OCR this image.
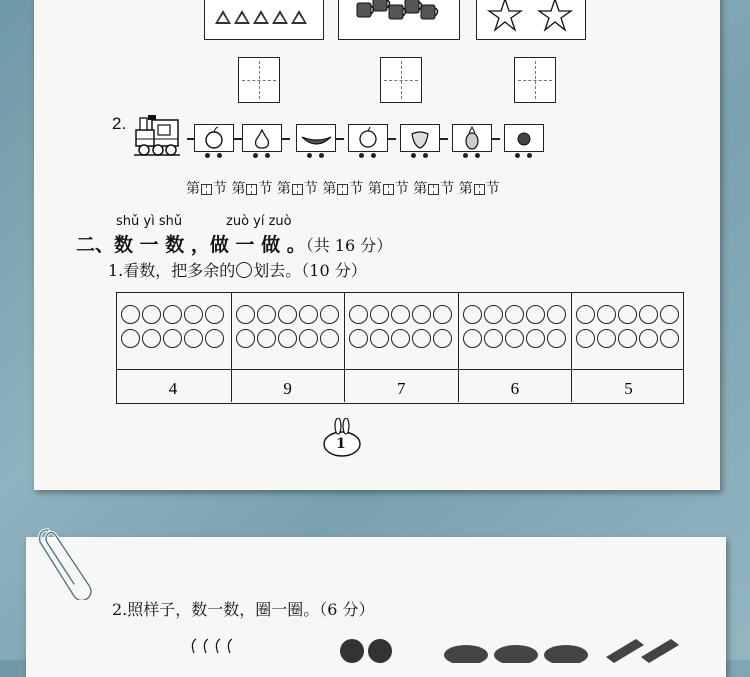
2.
第 节 第 节 第 节 第 节 第 节 第 节 第 节
shǔ yì shǔ	zuò yí zuò
二、数 一 数 ，做 一 做 。（共 16 分）
1.看数，把多余的 划去。（10 分）
4	9	7	6	5
1
2.照样子，数一数，圈一圈。（6 分）
